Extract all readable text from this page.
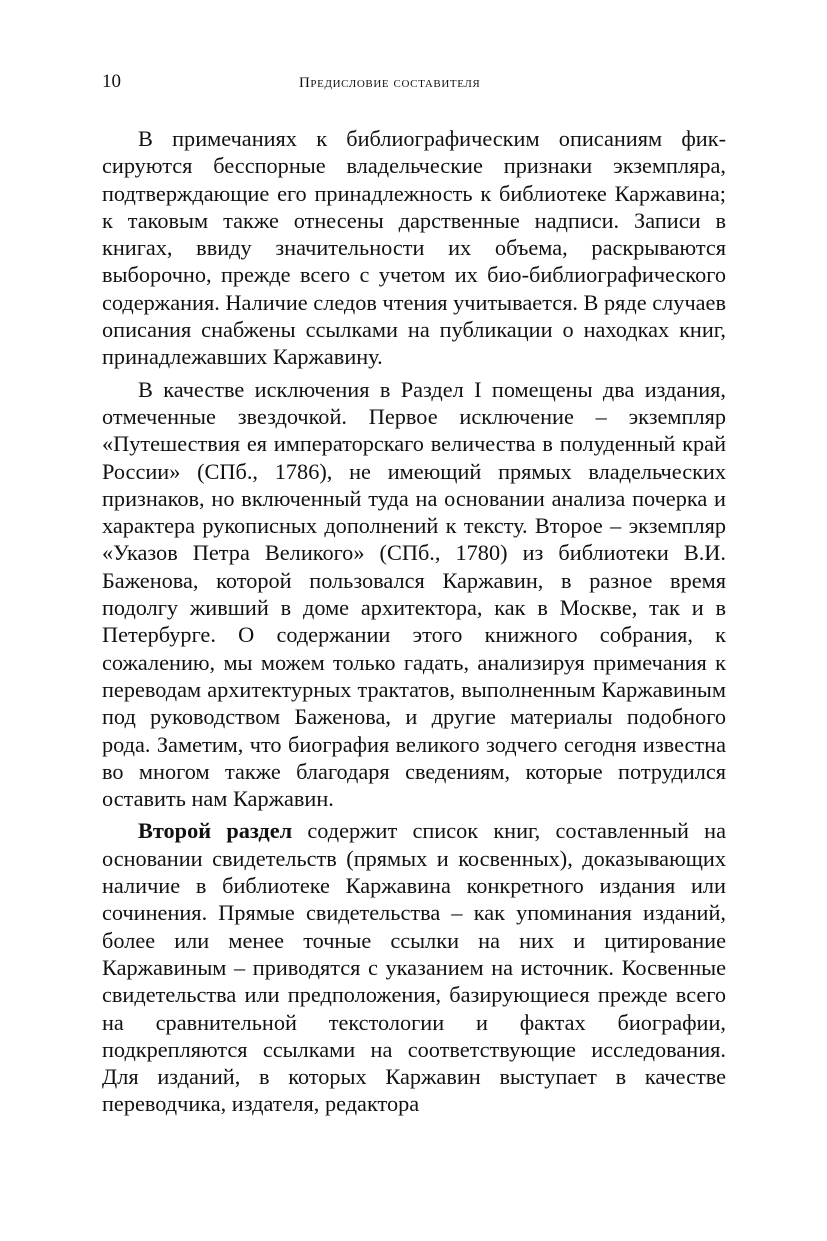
10	Предисловие составителя

В примечаниях к библиографическим описаниям фиксируются бесспорные владельческие признаки экземпляра, подтверждающие его принадлежность к библиотеке Каржавина; к таковым также отнесены дарственные надписи. Записи в книгах, ввиду значительности их объема, раскрываются выборочно, прежде всего с учетом их био-библиографического содержания. Наличие следов чтения учитывается. В ряде случаев описания снабжены ссылками на публикации о находках книг, принадлежавших Каржавину.

В качестве исключения в Раздел I помещены два издания, отмеченные звездочкой. Первое исключение – экземпляр «Путешествия ея императорскаго величества в полуденный край России» (СПб., 1786), не имеющий прямых владельческих признаков, но включенный туда на основании анализа почерка и характера рукописных дополнений к тексту. Второе – экземпляр «Указов Петра Великого» (СПб., 1780) из библиотеки В.И. Баженова, которой пользовался Каржавин, в разное время подолгу живший в доме архитектора, как в Москве, так и в Петербурге. О содержании этого книжного собрания, к сожалению, мы можем только гадать, анализируя примечания к переводам архитектурных трактатов, выполненным Каржавиным под руководством Баженова, и другие материалы подобного рода. Заметим, что биография великого зодчего сегодня известна во многом также благодаря сведениям, которые потрудился оставить нам Каржавин.

Второй раздел содержит список книг, составленный на основании свидетельств (прямых и косвенных), доказывающих наличие в библиотеке Каржавина конкретного издания или сочинения. Прямые свидетельства – как упоминания изданий, более или менее точные ссылки на них и цитирование Каржавиным – приводятся с указанием на источник. Косвенные свидетельства или предположения, базирующиеся прежде всего на сравнительной текстологии и фактах биографии, подкрепляются ссылками на соответствующие исследования. Для изданий, в которых Каржавин выступает в качестве переводчика, издателя, редактора
